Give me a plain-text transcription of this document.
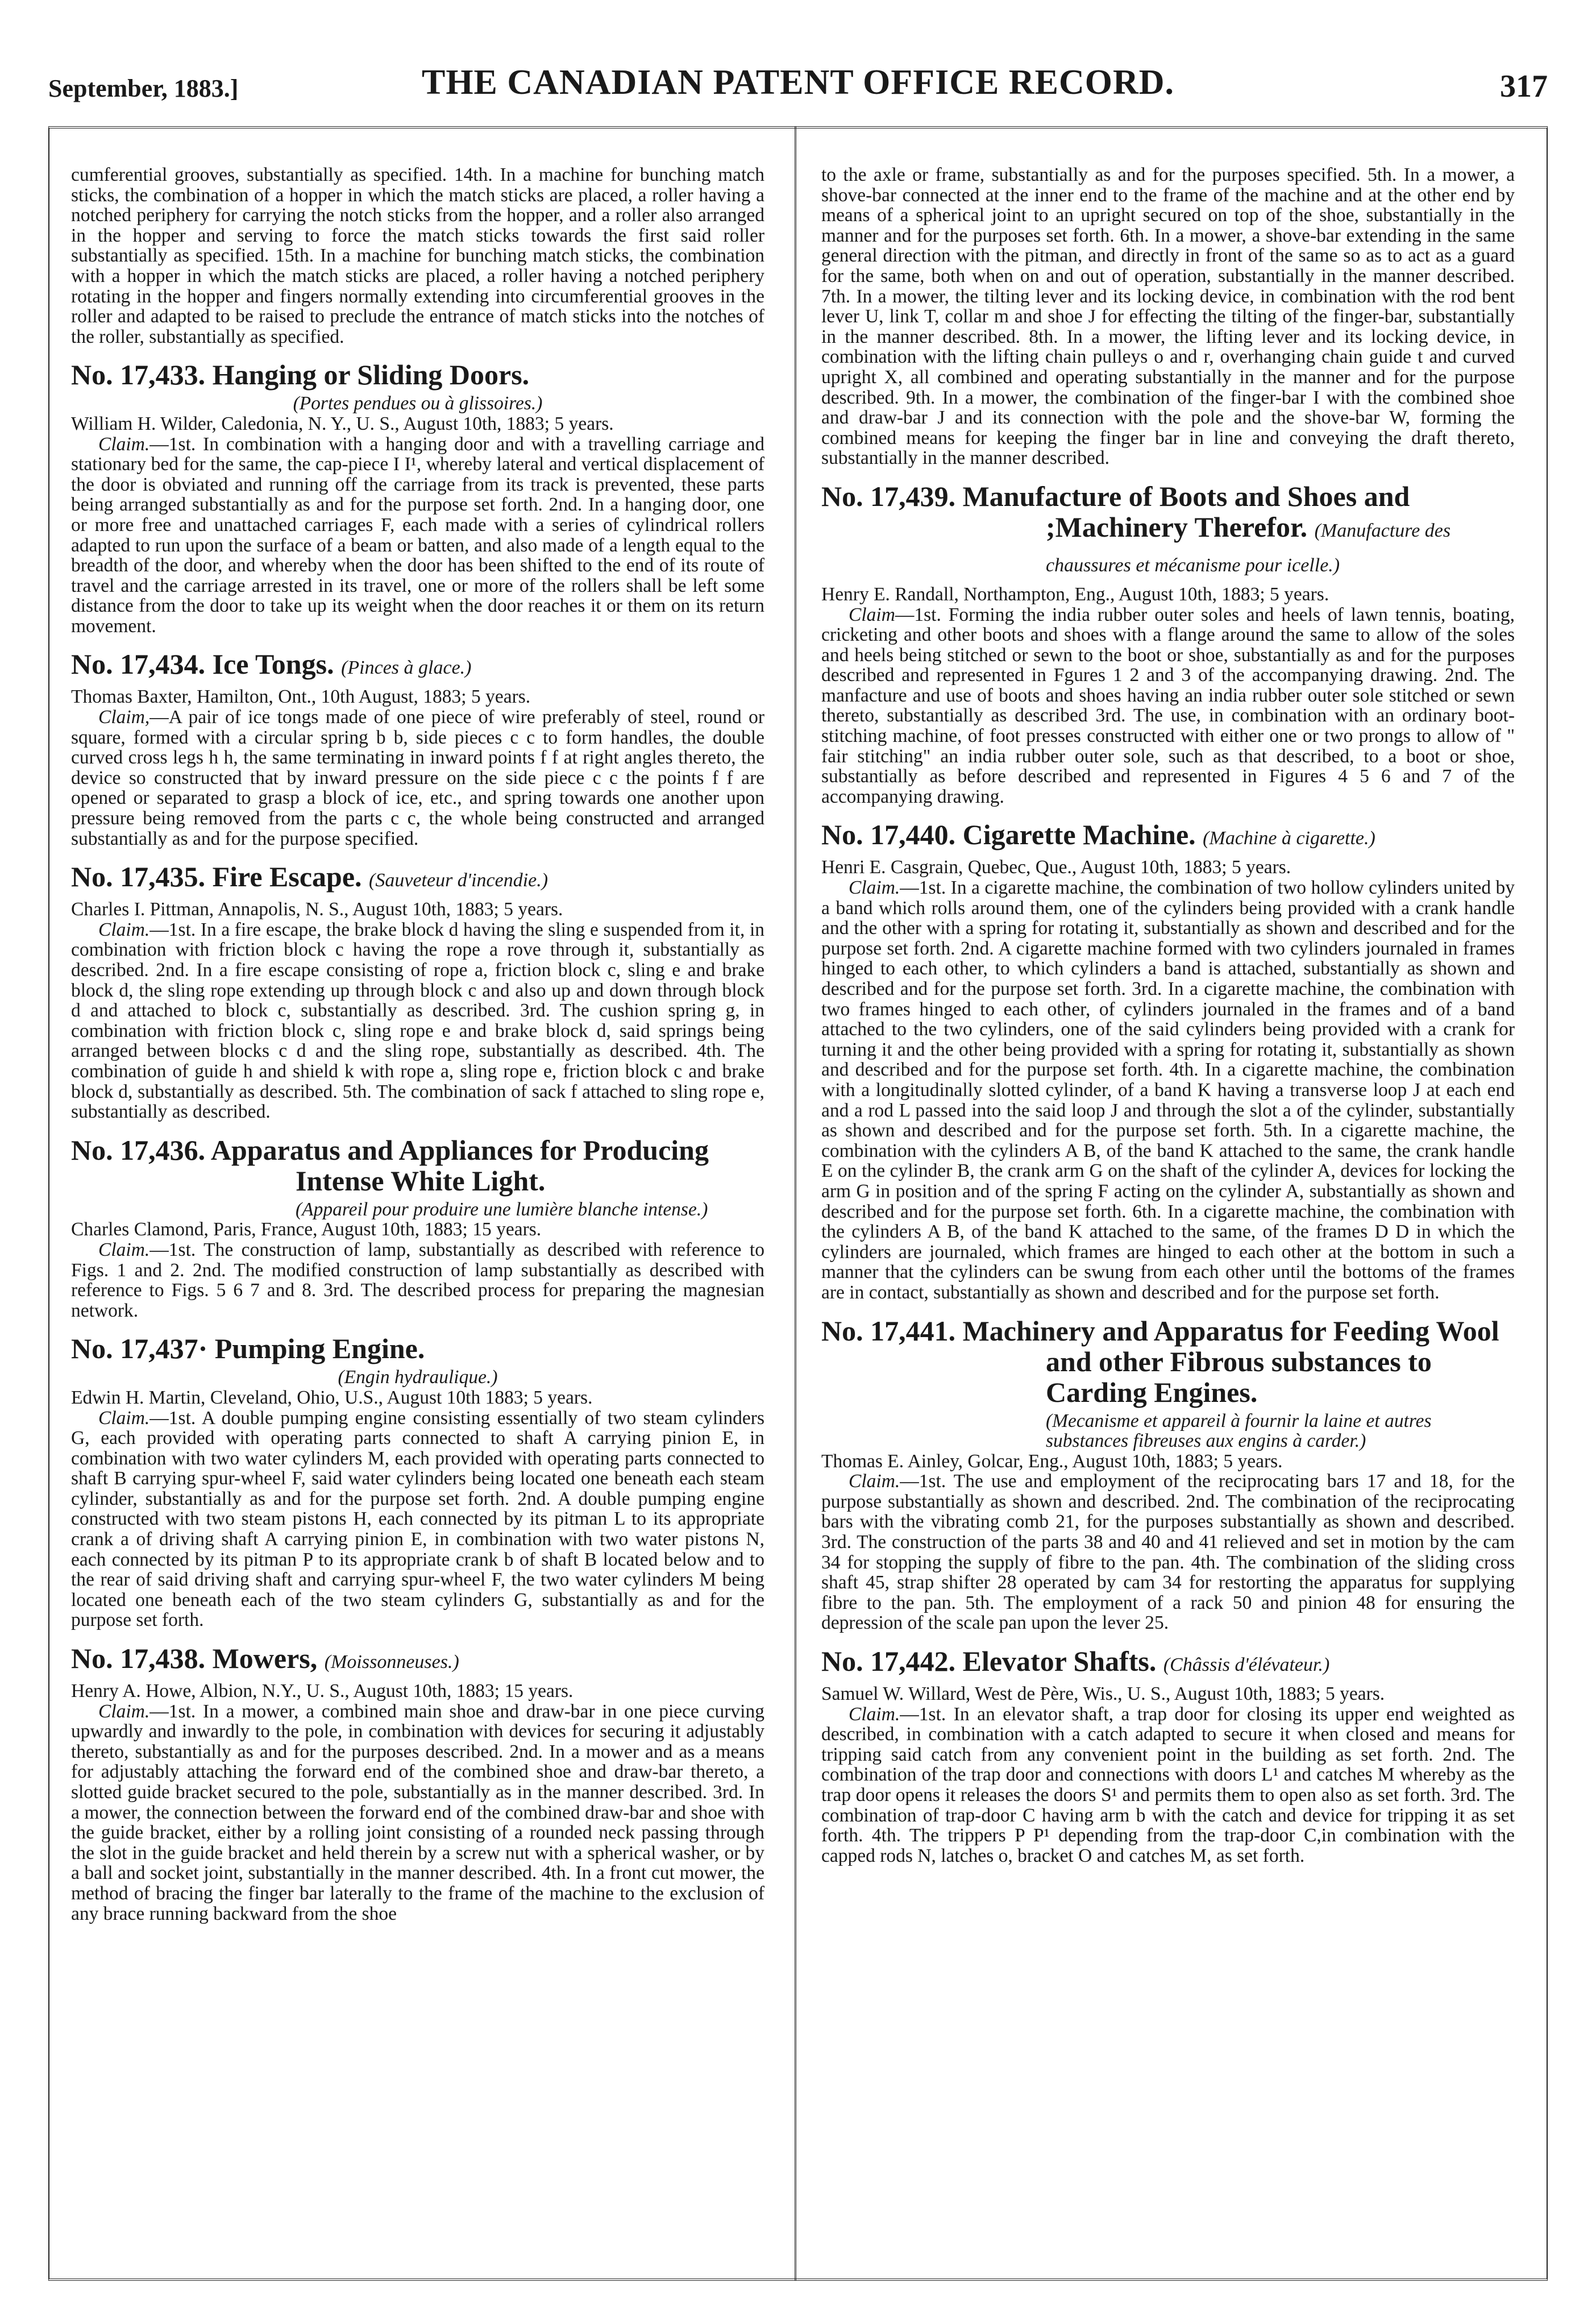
September, 1883.]	THE CANADIAN PATENT OFFICE RECORD.	317

cumferential grooves, substantially as specified. 14th. In a machine for bunching match sticks, the combination of a hopper in which the match sticks are placed, a roller having a notched periphery for carrying the notch sticks from the hopper, and a roller also arranged in the hopper and serving to force the match sticks towards the first said roller substantially as specified. 15th. In a machine for bunching match sticks, the combination with a hopper in which the match sticks are placed, a roller having a notched periphery rotating in the hopper and fingers normally extending into circumferential grooves in the roller and adapted to be raised to preclude the entrance of match sticks into the notches of the roller, substantially as specified.

No. 17,433. Hanging or Sliding Doors.

(Portes pendues ou à glissoires.)

William H. Wilder, Caledonia, N. Y., U. S., August 10th, 1883; 5 years.

Claim.—1st. In combination with a hanging door and with a travelling carriage and stationary bed for the same, the cap-piece I I¹, whereby lateral and vertical displacement of the door is obviated and running off the carriage from its track is prevented, these parts being arranged substantially as and for the purpose set forth. 2nd. In a hanging door, one or more free and unattached carriages F, each made with a series of cylindrical rollers adapted to run upon the surface of a beam or batten, and also made of a length equal to the breadth of the door, and whereby when the door has been shifted to the end of its route of travel and the carriage arrested in its travel, one or more of the rollers shall be left some distance from the door to take up its weight when the door reaches it or them on its return movement.

No. 17,434. Ice Tongs. (Pinces à glace.)

Thomas Baxter, Hamilton, Ont., 10th August, 1883; 5 years.

Claim,—A pair of ice tongs made of one piece of wire preferably of steel, round or square, formed with a circular spring b b, side pieces c c to form handles, the double curved cross legs h h, the same terminating in inward points f f at right angles thereto, the device so constructed that by inward pressure on the side piece c c the points f f are opened or separated to grasp a block of ice, etc., and spring towards one another upon pressure being removed from the parts c c, the whole being constructed and arranged substantially as and for the purpose specified.

No. 17,435. Fire Escape. (Sauveteur d'incendie.)

Charles I. Pittman, Annapolis, N. S., August 10th, 1883; 5 years.

Claim.—1st. In a fire escape, the brake block d having the sling e suspended from it, in combination with friction block c having the rope a rove through it, substantially as described. 2nd. In a fire escape consisting of rope a, friction block c, sling e and brake block d, the sling rope extending up through block c and also up and down through block d and attached to block c, substantially as described. 3rd. The cushion spring g, in combination with friction block c, sling rope e and brake block d, said springs being arranged between blocks c d and the sling rope, substantially as described. 4th. The combination of guide h and shield k with rope a, sling rope e, friction block c and brake block d, substantially as described. 5th. The combination of sack f attached to sling rope e, substantially as described.

No. 17,436. Apparatus and Appliances for Producing Intense White Light.

(Appareil pour produire une lumière blanche intense.)

Charles Clamond, Paris, France, August 10th, 1883; 15 years.

Claim.—1st. The construction of lamp, substantially as described with reference to Figs. 1 and 2. 2nd. The modified construction of lamp substantially as described with reference to Figs. 5 6 7 and 8. 3rd. The described process for preparing the magnesian network.

No. 17,437· Pumping Engine.

(Engin hydraulique.)

Edwin H. Martin, Cleveland, Ohio, U.S., August 10th 1883; 5 years.

Claim.—1st. A double pumping engine consisting essentially of two steam cylinders G, each provided with operating parts connected to shaft A carrying pinion E, in combination with two water cylinders M, each provided with operating parts connected to shaft B carrying spur-wheel F, said water cylinders being located one beneath each steam cylinder, substantially as and for the purpose set forth. 2nd. A double pumping engine constructed with two steam pistons H, each connected by its pitman L to its appropriate crank a of driving shaft A carrying pinion E, in combination with two water pistons N, each connected by its pitman P to its appropriate crank b of shaft B located below and to the rear of said driving shaft and carrying spur-wheel F, the two water cylinders M being located one beneath each of the two steam cylinders G, substantially as and for the purpose set forth.

No. 17,438. Mowers, (Moissonneuses.)

Henry A. Howe, Albion, N.Y., U. S., August 10th, 1883; 15 years.

Claim.—1st. In a mower, a combined main shoe and draw-bar in one piece curving upwardly and inwardly to the pole, in combination with devices for securing it adjustably thereto, substantially as and for the purposes described. 2nd. In a mower and as a means for adjustably attaching the forward end of the combined shoe and draw-bar thereto, a slotted guide bracket secured to the pole, substantially as in the manner described. 3rd. In a mower, the connection between the forward end of the combined draw-bar and shoe with the guide bracket, either by a rolling joint consisting of a rounded neck passing through the slot in the guide bracket and held therein by a screw nut with a spherical washer, or by a ball and socket joint, substantially in the manner described. 4th. In a front cut mower, the method of bracing the finger bar laterally to the frame of the machine to the exclusion of any brace running backward from the shoe

to the axle or frame, substantially as and for the purposes specified. 5th. In a mower, a shove-bar connected at the inner end to the frame of the machine and at the other end by means of a spherical joint to an upright secured on top of the shoe, substantially in the manner and for the purposes set forth. 6th. In a mower, a shove-bar extending in the same general direction with the pitman, and directly in front of the same so as to act as a guard for the same, both when on and out of operation, substantially in the manner described. 7th. In a mower, the tilting lever and its locking device, in combination with the rod bent lever U, link T, collar m and shoe J for effecting the tilting of the finger-bar, substantially in the manner described. 8th. In a mower, the lifting lever and its locking device, in combination with the lifting chain pulleys o and r, overhanging chain guide t and curved upright X, all combined and operating substantially in the manner and for the purpose described. 9th. In a mower, the combination of the finger-bar I with the combined shoe and draw-bar J and its connection with the pole and the shove-bar W, forming the combined means for keeping the finger bar in line and conveying the draft thereto, substantially in the manner described.

No. 17,439. Manufacture of Boots and Shoes and ;Machinery Therefor. (Manufacture des chaussures et mécanisme pour icelle.)

Henry E. Randall, Northampton, Eng., August 10th, 1883; 5 years.

Claim—1st. Forming the india rubber outer soles and heels of lawn tennis, boating, cricketing and other boots and shoes with a flange around the same to allow of the soles and heels being stitched or sewn to the boot or shoe, substantially as and for the purposes described and represented in Fgures 1 2 and 3 of the accompanying drawing. 2nd. The manfacture and use of boots and shoes having an india rubber outer sole stitched or sewn thereto, substantially as described 3rd. The use, in combination with an ordinary boot-stitching machine, of foot presses constructed with either one or two prongs to allow of " fair stitching" an india rubber outer sole, such as that described, to a boot or shoe, substantially as before described and represented in Figures 4 5 6 and 7 of the accompanying drawing.

No. 17,440. Cigarette Machine. (Machine à cigarette.)

Henri E. Casgrain, Quebec, Que., August 10th, 1883; 5 years.

Claim.—1st. In a cigarette machine, the combination of two hollow cylinders united by a band which rolls around them, one of the cylinders being provided with a crank handle and the other with a spring for rotating it, substantially as shown and described and for the purpose set forth. 2nd. A cigarette machine formed with two cylinders journaled in frames hinged to each other, to which cylinders a band is attached, substantially as shown and described and for the purpose set forth. 3rd. In a cigarette machine, the combination with two frames hinged to each other, of cylinders journaled in the frames and of a band attached to the two cylinders, one of the said cylinders being provided with a crank for turning it and the other being provided with a spring for rotating it, substantially as shown and described and for the purpose set forth. 4th. In a cigarette machine, the combination with a longitudinally slotted cylinder, of a band K having a transverse loop J at each end and a rod L passed into the said loop J and through the slot a of the cylinder, substantially as shown and described and for the purpose set forth. 5th. In a cigarette machine, the combination with the cylinders A B, of the band K attached to the same, the crank handle E on the cylinder B, the crank arm G on the shaft of the cylinder A, devices for locking the arm G in position and of the spring F acting on the cylinder A, substantially as shown and described and for the purpose set forth. 6th. In a cigarette machine, the combination with the cylinders A B, of the band K attached to the same, of the frames D D in which the cylinders are journaled, which frames are hinged to each other at the bottom in such a manner that the cylinders can be swung from each other until the bottoms of the frames are in contact, substantially as shown and described and for the purpose set forth.

No. 17,441. Machinery and Apparatus for Feeding Wool and other Fibrous substances to Carding Engines.

(Mecanisme et appareil à fournir la laine et autres substances fibreuses aux engins à carder.)

Thomas E. Ainley, Golcar, Eng., August 10th, 1883; 5 years.

Claim.—1st. The use and employment of the reciprocating bars 17 and 18, for the purpose substantially as shown and described. 2nd. The combination of the reciprocating bars with the vibrating comb 21, for the purposes substantially as shown and described. 3rd. The construction of the parts 38 and 40 and 41 relieved and set in motion by the cam 34 for stopping the supply of fibre to the pan. 4th. The combination of the sliding cross shaft 45, strap shifter 28 operated by cam 34 for restorting the apparatus for supplying fibre to the pan. 5th. The employment of a rack 50 and pinion 48 for ensuring the depression of the scale pan upon the lever 25.

No. 17,442. Elevator Shafts. (Châssis d'élévateur.)

Samuel W. Willard, West de Père, Wis., U. S., August 10th, 1883; 5 years.

Claim.—1st. In an elevator shaft, a trap door for closing its upper end weighted as described, in combination with a catch adapted to secure it when closed and means for tripping said catch from any convenient point in the building as set forth. 2nd. The combination of the trap door and connections with doors L¹ and catches M whereby as the trap door opens it releases the doors S¹ and permits them to open also as set forth. 3rd. The combination of trap-door C having arm b with the catch and device for tripping it as set forth. 4th. The trippers P P¹ depending from the trap-door C,in combination with the capped rods N, latches o, bracket O and catches M, as set forth.
